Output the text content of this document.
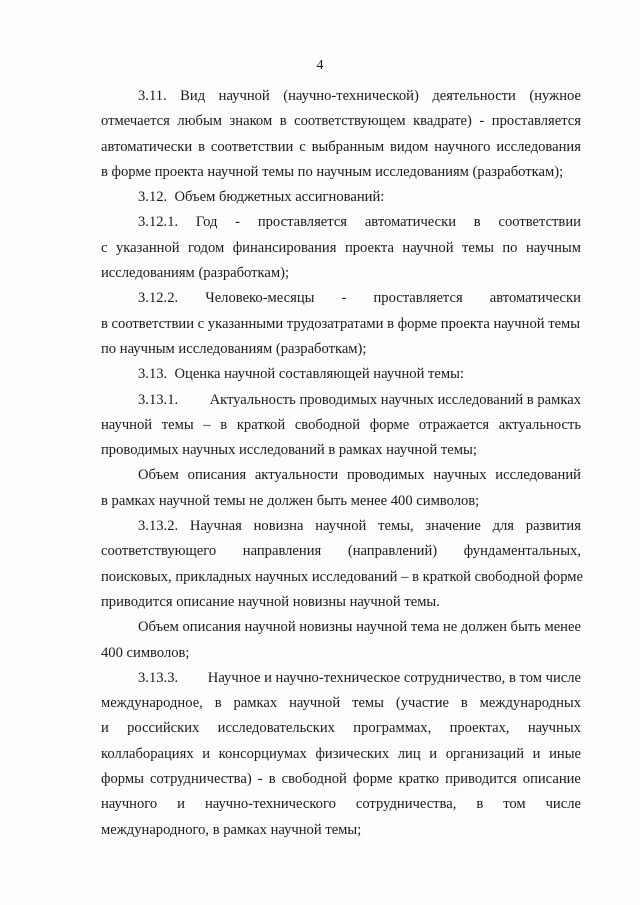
4
3.11. Вид научной (научно-технической) деятельности (нужное
отмечается любым знаком в соответствующем квадрате) - проставляется
автоматически в соответствии с выбранным видом научного исследования
в форме проекта научной темы по научным исследованиям (разработкам);
3.12.  Объем бюджетных ассигнований:
3.12.1. Год - проставляется автоматически в соответствии
с указанной годом финансирования проекта научной темы по научным
исследованиям (разработкам);
3.12.2. Человеко-месяцы - проставляется автоматически
в соответствии с указанными трудозатратами в форме проекта научной темы
по научным исследованиям (разработкам);
3.13.  Оценка научной составляющей научной темы:
3.13.1. Актуальность проводимых научных исследований в рамках
научной темы – в краткой свободной форме отражается актуальность
проводимых научных исследований в рамках научной темы;
Объем описания актуальности проводимых научных исследований
в рамках научной темы не должен быть менее 400 символов;
3.13.2. Научная новизна научной темы, значение для развития
соответствующего направления (направлений) фундаментальных,
поисковых, прикладных научных исследований – в краткой свободной форме
приводится описание научной новизны научной темы.
Объем описания научной новизны научной тема не должен быть менее
400 символов;
3.13.3. Научное и научно-техническое сотрудничество, в том числе
международное, в рамках научной темы (участие в международных
и российских исследовательских программах, проектах, научных
коллаборациях и консорциумах физических лиц и организаций и иные
формы сотрудничества) - в свободной форме кратко приводится описание
научного и научно-технического сотрудничества, в том числе
международного, в рамках научной темы;
